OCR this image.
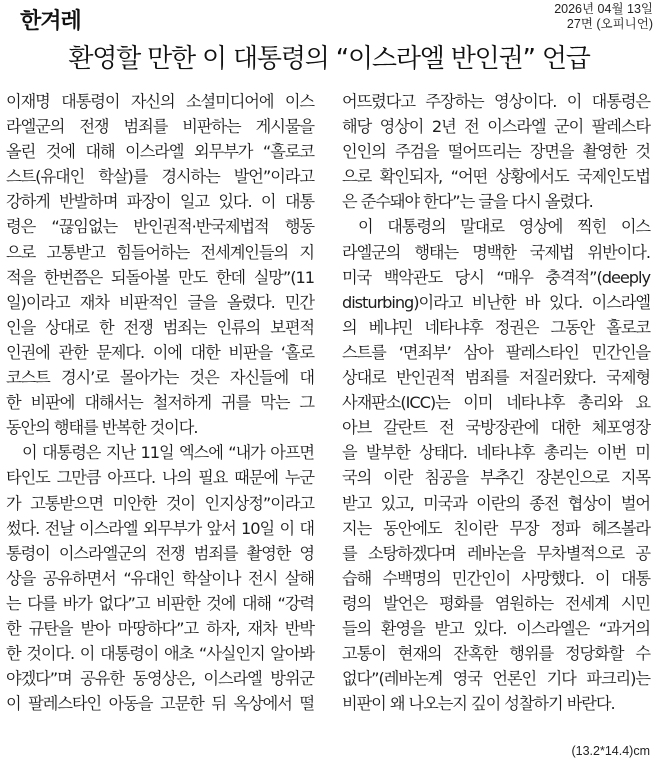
한겨레	2026년 04월 13일
27면 (오피니언)
환영할 만한 이 대통령의 “이스라엘 반인권” 언급
이재명 대통령이 자신의 소셜미디어에 이스
라엘군의 전쟁 범죄를 비판하는 게시물을
올린 것에 대해 이스라엘 외무부가 “홀로코
스트(유대인 학살)를 경시하는 발언”이라고
강하게 반발하며 파장이 일고 있다. 이 대통
령은 “끊임없는 반인권적·반국제법적 행동
으로 고통받고 힘들어하는 전세계인들의 지
적을 한번쯤은 되돌아볼 만도 한데 실망”(11
일)이라고 재차 비판적인 글을 올렸다. 민간
인을 상대로 한 전쟁 범죄는 인류의 보편적
인권에 관한 문제다. 이에 대한 비판을 ‘홀로
코스트 경시’로 몰아가는 것은 자신들에 대
한 비판에 대해서는 철저하게 귀를 막는 그
동안의 행태를 반복한 것이다.
이 대통령은 지난 11일 엑스에 “내가 아프면
타인도 그만큼 아프다. 나의 필요 때문에 누군
가 고통받으면 미안한 것이 인지상정”이라고
썼다. 전날 이스라엘 외무부가 앞서 10일 이 대
통령이 이스라엘군의 전쟁 범죄를 촬영한 영
상을 공유하면서 “유대인 학살이나 전시 살해
는 다를 바가 없다”고 비판한 것에 대해 “강력
한 규탄을 받아 마땅하다”고 하자, 재차 반박
한 것이다. 이 대통령이 애초 “사실인지 알아봐
야겠다”며 공유한 동영상은, 이스라엘 방위군
이 팔레스타인 아동을 고문한 뒤 옥상에서 떨
어뜨렸다고 주장하는 영상이다. 이 대통령은
해당 영상이 2년 전 이스라엘 군이 팔레스타
인인의 주검을 떨어뜨리는 장면을 촬영한 것
으로 확인되자, “어떤 상황에서도 국제인도법
은 준수돼야 한다”는 글을 다시 올렸다.
이 대통령의 말대로 영상에 찍힌 이스
라엘군의 행태는 명백한 국제법 위반이다.
미국 백악관도 당시 “매우 충격적”(deeply
disturbing)이라고 비난한 바 있다. 이스라엘
의 베냐민 네타냐후 정권은 그동안 홀로코
스트를 ‘면죄부’ 삼아 팔레스타인 민간인을
상대로 반인권적 범죄를 저질러왔다. 국제형
사재판소(ICC)는 이미 네타냐후 총리와 요
아브 갈란트 전 국방장관에 대한 체포영장
을 발부한 상태다. 네타냐후 총리는 이번 미
국의 이란 침공을 부추긴 장본인으로 지목
받고 있고, 미국과 이란의 종전 협상이 벌어
지는 동안에도 친이란 무장 정파 헤즈볼라
를 소탕하겠다며 레바논을 무차별적으로 공
습해 수백명의 민간인이 사망했다. 이 대통
령의 발언은 평화를 염원하는 전세계 시민
들의 환영을 받고 있다. 이스라엘은 “과거의
고통이 현재의 잔혹한 행위를 정당화할 수
없다”(레바논계 영국 언론인 기다 파크리)는
비판이 왜 나오는지 깊이 성찰하기 바란다.
(13.2*14.4)cm
